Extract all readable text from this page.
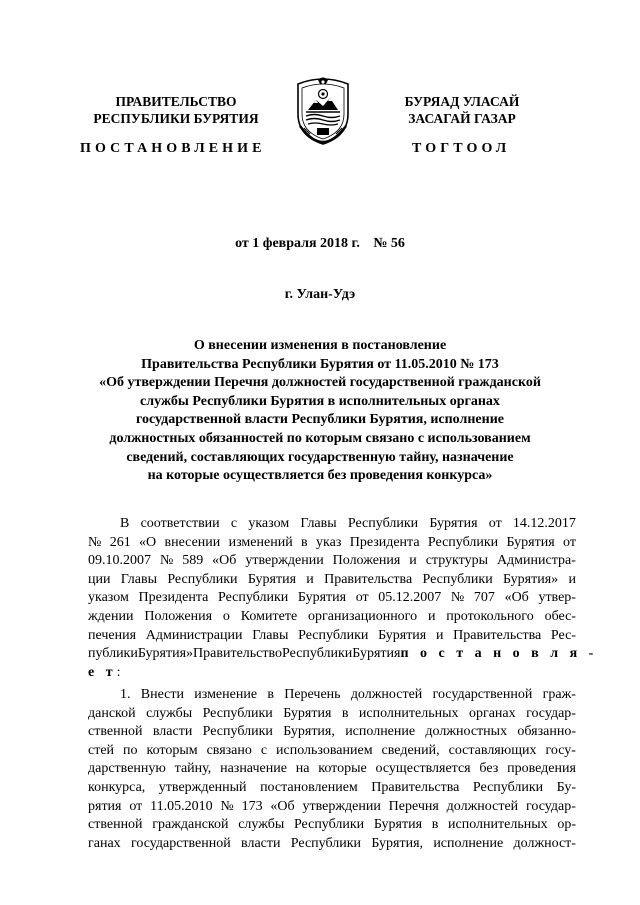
ПРАВИТЕЛЬСТВО
РЕСПУБЛИКИ БУРЯТИЯ
БУРЯАД УЛАСАЙ
ЗАСАГАЙ ГАЗАР
ПОСТАНОВЛЕНИЕ	ТОГТООЛ
от 1 февраля 2018 г. № 56
г. Улан-Удэ
О внесении изменения в постановление
Правительства Республики Бурятия от 11.05.2010 № 173
«Об утверждении Перечня должностей государственной гражданской
службы Республики Бурятия в исполнительных органах
государственной власти Республики Бурятия, исполнение
должностных обязанностей по которым связано с использованием
сведений, составляющих государственную тайну, назначение
на которые осуществляется без проведения конкурса»
В соответствии с указом Главы Республики Бурятия от 14.12.2017
№ 261 «О внесении изменений в указ Президента Республики Бурятия от
09.10.2007 № 589 «Об утверждении Положения и структуры Администра-
ции Главы Республики Бурятия и Правительства Республики Бурятия» и
указом Президента Республики Бурятия от 05.12.2007 № 707 «Об утвер-
ждении Положения о Комитете организационного и протокольного обес-
печения Администрации Главы Республики Бурятия и Правительства Рес-
публики Бурятия» Правительство Республики Бурятия п о с т а н о в л я -
е т :
1. Внести изменение в Перечень должностей государственной граж-
данской службы Республики Бурятия в исполнительных органах государ-
ственной власти Республики Бурятия, исполнение должностных обязанно-
стей по которым связано с использованием сведений, составляющих госу-
дарственную тайну, назначение на которые осуществляется без проведения
конкурса, утвержденный постановлением Правительства Республики Бу-
рятия от 11.05.2010 № 173 «Об утверждении Перечня должностей государ-
ственной гражданской службы Республики Бурятия в исполнительных ор-
ганах государственной власти Республики Бурятия, исполнение должност-
